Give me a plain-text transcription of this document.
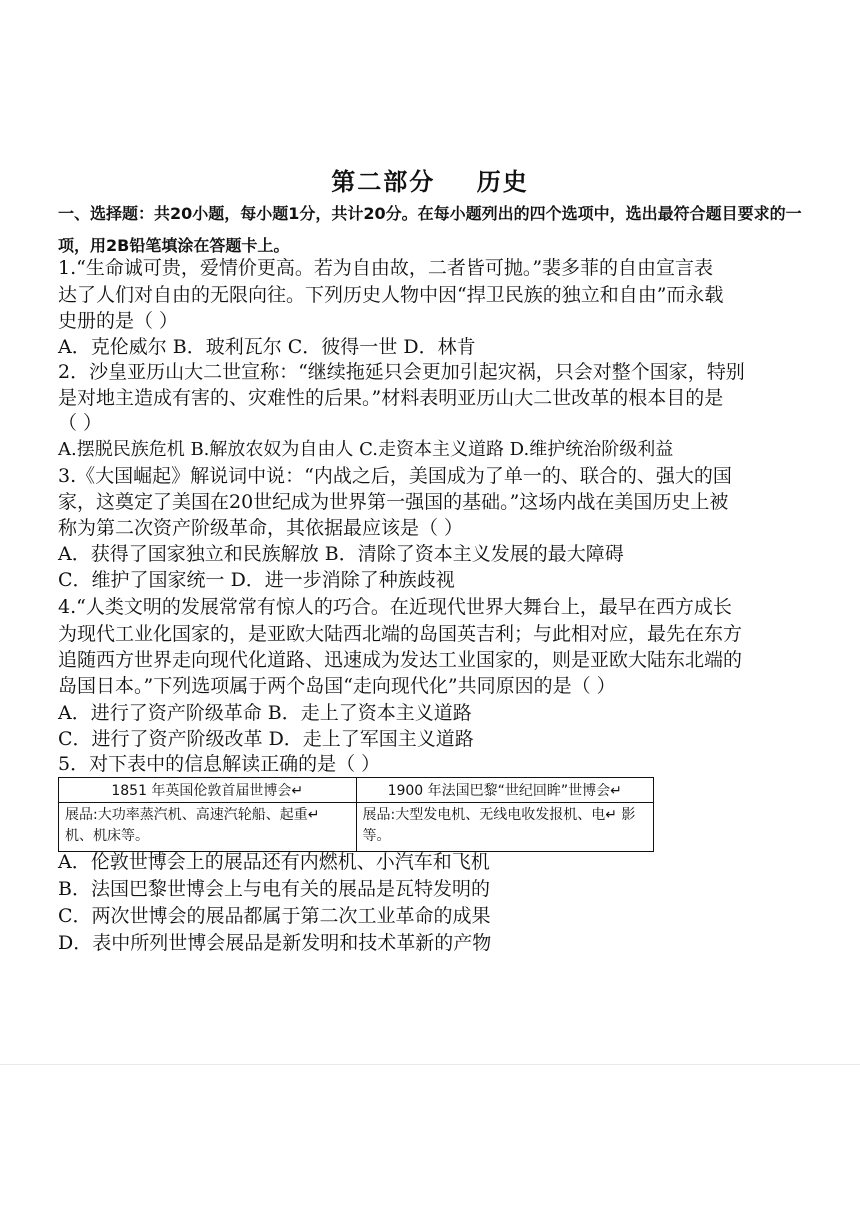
第二部分    历史
一、选择题：共20小题，每小题1分，共计20分。在每小题列出的四个选项中，选出最符合题目要求的一项，用2B铅笔填涂在答题卡上。
1.“生命诚可贵，爱情价更高。若为自由故，二者皆可抛。”裴多菲的自由宣言表
达了人们对自由的无限向往。下列历史人物中因“捍卫民族的独立和自由”而永载
史册的是（ ）
A．克伦威尔 B．玻利瓦尔 C．彼得一世 D．林肯
2．沙皇亚历山大二世宣称：“继续拖延只会更加引起灾祸，只会对整个国家，特别
是对地主造成有害的、灾难性的后果。”材料表明亚历山大二世改革的根本目的是
（ ）
A.摆脱民族危机 B.解放农奴为自由人 C.走资本主义道路 D.维护统治阶级利益
3.《大国崛起》解说词中说：“内战之后，美国成为了单一的、联合的、强大的国
家，这奠定了美国在20世纪成为世界第一强国的基础。”这场内战在美国历史上被
称为第二次资产阶级革命，其依据最应该是（ ）
A．获得了国家独立和民族解放 B．清除了资本主义发展的最大障碍
C．维护了国家统一 D．进一步消除了种族歧视
4.“人类文明的发展常常有惊人的巧合。在近现代世界大舞台上，最早在西方成长
为现代工业化国家的，是亚欧大陆西北端的岛国英吉利；与此相对应，最先在东方
追随西方世界走向现代化道路、迅速成为发达工业国家的，则是亚欧大陆东北端的
岛国日本。”下列选项属于两个岛国“走向现代化”共同原因的是（ ）
A．进行了资产阶级革命 B．走上了资本主义道路
C．进行了资产阶级改革 D．走上了军国主义道路
5．对下表中的信息解读正确的是（ ）
1851 年英国伦敦首届世博会↵	1900 年法国巴黎“世纪回眸”世博会↵
展品:大功率蒸汽机、高速汽轮船、起重↵ 机、机床等。	展品:大型发电机、无线电收发报机、电↵ 影等。
A．伦敦世博会上的展品还有内燃机、小汽车和飞机
B．法国巴黎世博会上与电有关的展品是瓦特发明的
C．两次世博会的展品都属于第二次工业革命的成果
D．表中所列世博会展品是新发明和技术革新的产物
